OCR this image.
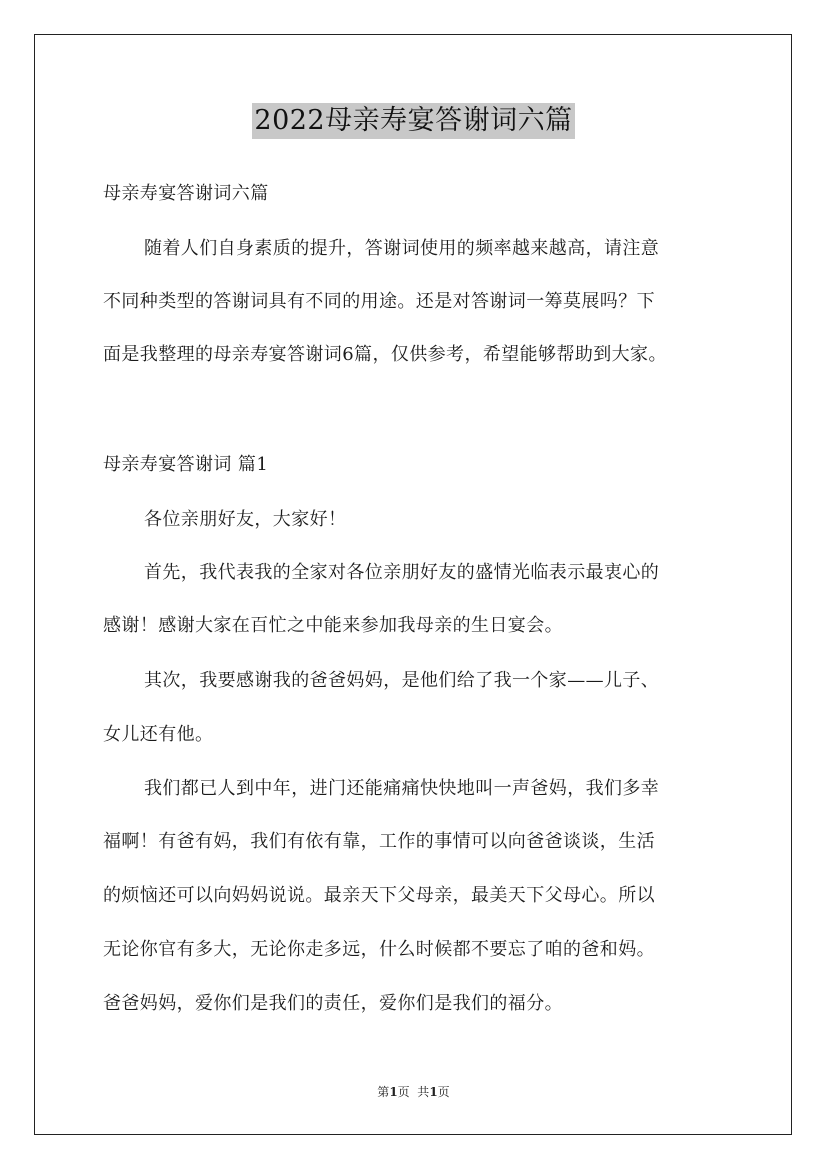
2022母亲寿宴答谢词六篇
母亲寿宴答谢词六篇
随着人们自身素质的提升，答谢词使用的频率越来越高，请注意
不同种类型的答谢词具有不同的用途。还是对答谢词一筹莫展吗？下
面是我整理的母亲寿宴答谢词6篇，仅供参考，希望能够帮助到大家。
母亲寿宴答谢词 篇1
各位亲朋好友，大家好！
首先，我代表我的全家对各位亲朋好友的盛情光临表示最衷心的
感谢！感谢大家在百忙之中能来参加我母亲的生日宴会。
其次，我要感谢我的爸爸妈妈，是他们给了我一个家——儿子、
女儿还有他。
我们都已人到中年，进门还能痛痛快快地叫一声爸妈，我们多幸
福啊！有爸有妈，我们有依有靠，工作的事情可以向爸爸谈谈，生活
的烦恼还可以向妈妈说说。最亲天下父母亲，最美天下父母心。所以
无论你官有多大，无论你走多远，什么时候都不要忘了咱的爸和妈。
爸爸妈妈，爱你们是我们的责任，爱你们是我们的福分。
第1页  共1页
